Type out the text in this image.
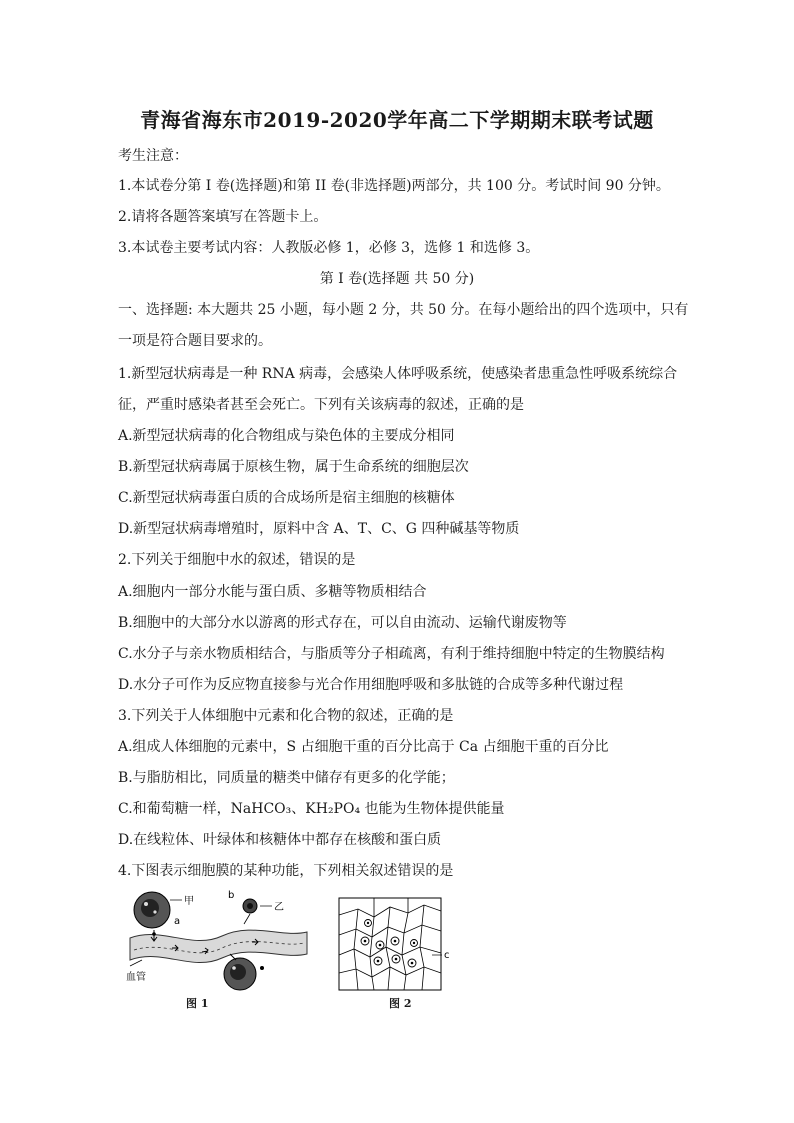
青海省海东市2019-2020学年高二下学期期末联考试题
考生注意：
1.本试卷分第 I 卷(选择题)和第 II 卷(非选择题)两部分，共 100 分。考试时间 90 分钟。
2.请将各题答案填写在答题卡上。
3.本试卷主要考试内容：人教版必修 1，必修 3，选修 1 和选修 3。
第 I 卷(选择题 共 50 分)
一、选择题: 本大题共 25 小题，每小题 2 分，共 50 分。在每小题给出的四个选项中，只有
一项是符合题目要求的。
1.新型冠状病毒是一种 RNA 病毒，会感染人体呼吸系统，使感染者患重急性呼吸系统综合
征，严重时感染者甚至会死亡。下列有关该病毒的叙述，正确的是
A.新型冠状病毒的化合物组成与染色体的主要成分相同
B.新型冠状病毒属于原核生物，属于生命系统的细胞层次
C.新型冠状病毒蛋白质的合成场所是宿主细胞的核糖体
D.新型冠状病毒增殖时，原料中含 A、T、C、G 四种碱基等物质
2.下列关于细胞中水的叙述，错误的是
A.细胞内一部分水能与蛋白质、多糖等物质相结合
B.细胞中的大部分水以游离的形式存在，可以自由流动、运输代谢废物等
C.水分子与亲水物质相结合，与脂质等分子相疏离，有利于维持细胞中特定的生物膜结构
D.水分子可作为反应物直接参与光合作用细胞呼吸和多肽链的合成等多种代谢过程
3.下列关于人体细胞中元素和化合物的叙述，正确的是
A.组成人体细胞的元素中，S 占细胞干重的百分比高于 Ca 占细胞干重的百分比
B.与脂肪相比，同质量的糖类中储存有更多的化学能；
C.和葡萄糖一样，NaHCO₃、KH₂PO₄ 也能为生物体提供能量
D.在线粒体、叶绿体和核糖体中都存在核酸和蛋白质
4.下图表示细胞膜的某种功能，下列相关叙述错误的是
甲
乙
a
b
血管
图 1
c
图 2
